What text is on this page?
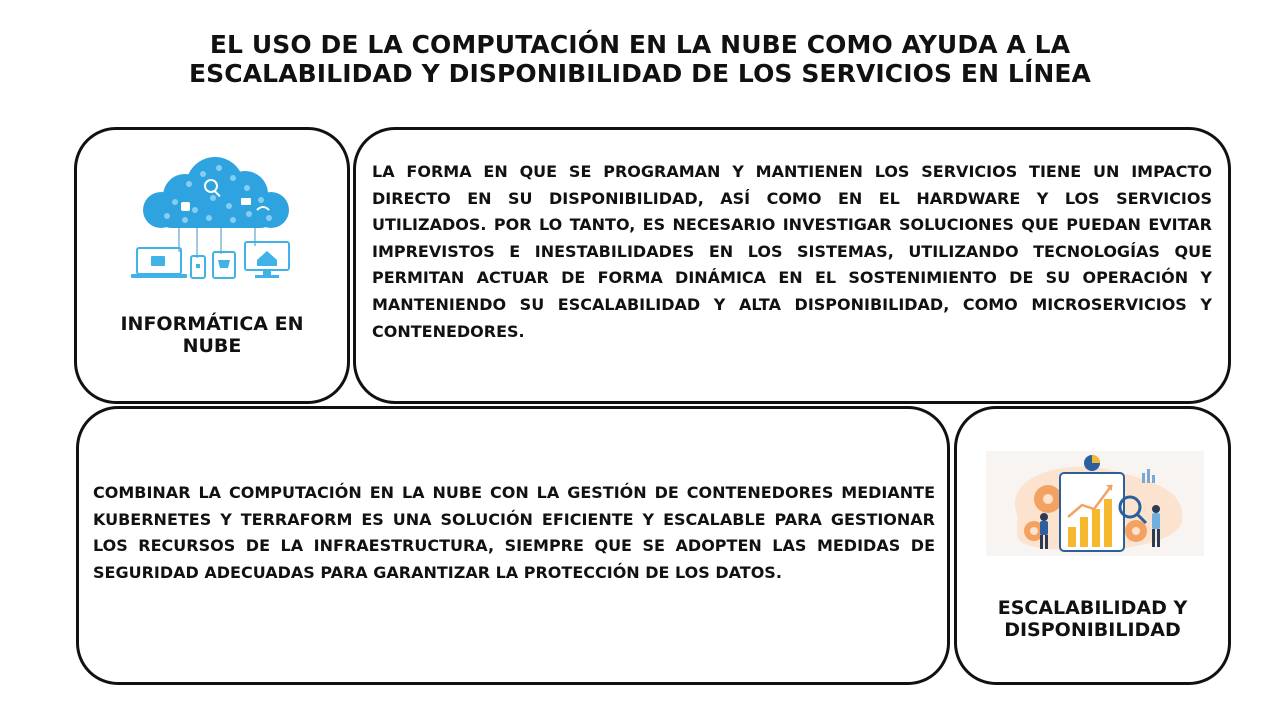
EL USO DE LA COMPUTACIÓN EN LA NUBE COMO AYUDA A LA
ESCALABILIDAD Y DISPONIBILIDAD DE LOS SERVICIOS EN LÍNEA
INFORMÁTICA EN
NUBE
LA FORMA EN QUE SE PROGRAMAN Y MANTIENEN LOS SERVICIOS TIENE UN IMPACTO DIRECTO EN SU DISPONIBILIDAD, ASÍ COMO EN EL HARDWARE Y LOS SERVICIOS UTILIZADOS. POR LO TANTO, ES NECESARIO INVESTIGAR SOLUCIONES QUE PUEDAN EVITAR IMPREVISTOS E INESTABILIDADES EN LOS SISTEMAS, UTILIZANDO TECNOLOGÍAS QUE PERMITAN ACTUAR DE FORMA DINÁMICA EN EL SOSTENIMIENTO DE SU OPERACIÓN Y MANTENIENDO SU ESCALABILIDAD Y ALTA DISPONIBILIDAD, COMO MICROSERVICIOS Y CONTENEDORES.
COMBINAR LA COMPUTACIÓN EN LA NUBE CON LA GESTIÓN DE CONTENEDORES MEDIANTE KUBERNETES Y TERRAFORM ES UNA SOLUCIÓN EFICIENTE Y ESCALABLE PARA GESTIONAR LOS RECURSOS DE LA INFRAESTRUCTURA, SIEMPRE QUE SE ADOPTEN LAS MEDIDAS DE SEGURIDAD ADECUADAS PARA GARANTIZAR LA PROTECCIÓN DE LOS DATOS.
ESCALABILIDAD Y
DISPONIBILIDAD
